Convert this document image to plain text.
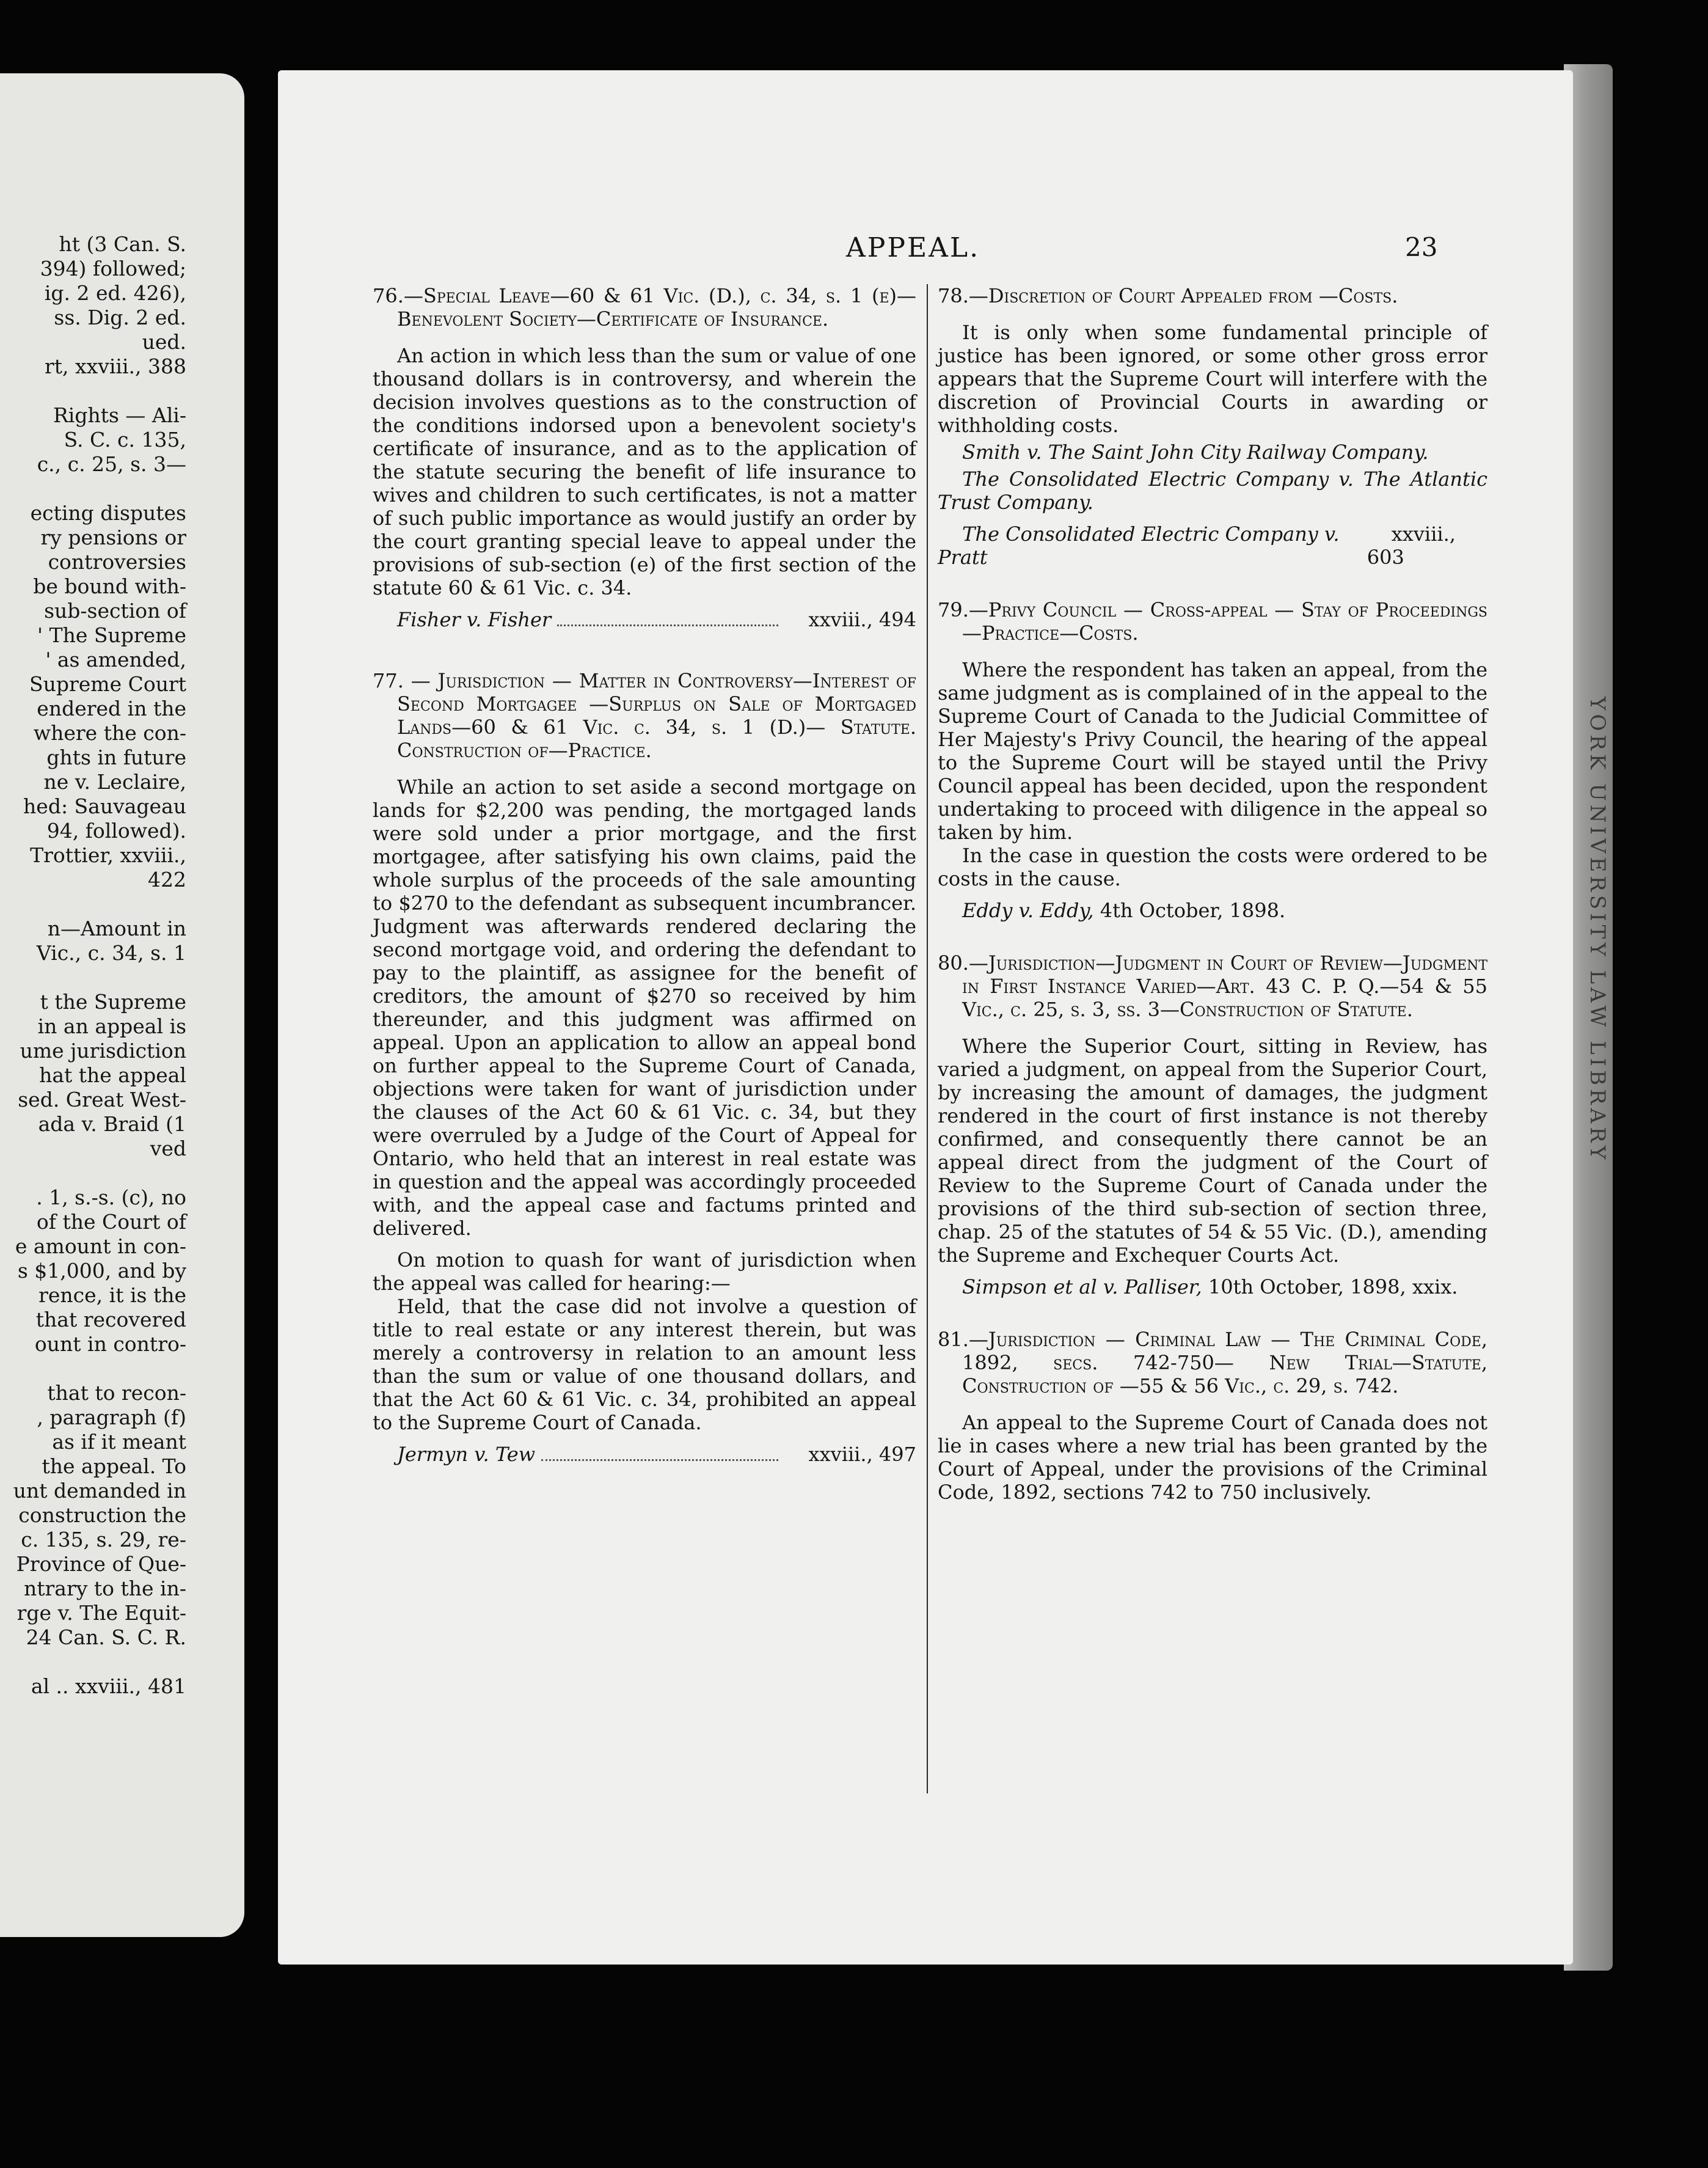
ht (3 Can. S.
394) followed;
ig. 2 ed. 426),
ss. Dig. 2 ed.
ued.
rt, xxviii., 388

Rights — Ali-
S. C. c. 135,
c., c. 25, s. 3—

ecting disputes
ry pensions or
controversies
be bound with-
sub-section of
' The Supreme
' as amended,
Supreme Court
endered in the
where the con-
ghts in future
ne v. Leclaire,
hed: Sauvageau
94, followed).
Trottier, xxviii.,
422

n—Amount in
Vic., c. 34, s. 1

t the Supreme
in an appeal is
ume jurisdiction
hat the appeal
sed. Great West-
ada v. Braid (1
ved

. 1, s.-s. (c), no
of the Court of
e amount in con-
s $1,000, and by
rence, it is the
that recovered
ount in contro-

that to recon-
, paragraph (f)
as if it meant
the appeal. To
unt demanded in
construction the
c. 135, s. 29, re-
Province of Que-
ntrary to the in-
rge v. The Equit-
24 Can. S. C. R.

al .. xxviii., 481
YORK UNIVERSITY LAW LIBRARY
APPEAL.	23
76.—Special Leave—60 & 61 Vic. (D.), c. 34, s. 1 (e)—Benevolent Society—Certificate of Insurance.

An action in which less than the sum or value of one thousand dollars is in controversy, and wherein the decision involves questions as to the construction of the conditions indorsed upon a benevolent society's certificate of insurance, and as to the application of the statute securing the benefit of life insurance to wives and children to such certificates, is not a matter of such public importance as would justify an order by the court granting special leave to appeal under the provisions of sub-section (e) of the first section of the statute 60 & 61 Vic. c. 34.

Fisher v. Fisher	xxviii., 494
77. — Jurisdiction — Matter in Controversy—Interest of Second Mortgagee —Surplus on Sale of Mortgaged Lands—60 & 61 Vic. c. 34, s. 1 (D.)— Statute. Construction of—Practice.

While an action to set aside a second mortgage on lands for $2,200 was pending, the mortgaged lands were sold under a prior mortgage, and the first mortgagee, after satisfying his own claims, paid the whole surplus of the proceeds of the sale amounting to $270 to the defendant as subsequent incumbrancer. Judgment was afterwards rendered declaring the second mortgage void, and ordering the defendant to pay to the plaintiff, as assignee for the benefit of creditors, the amount of $270 so received by him thereunder, and this judgment was affirmed on appeal. Upon an application to allow an appeal bond on further appeal to the Supreme Court of Canada, objections were taken for want of jurisdiction under the clauses of the Act 60 & 61 Vic. c. 34, but they were overruled by a Judge of the Court of Appeal for Ontario, who held that an interest in real estate was in question and the appeal was accordingly proceeded with, and the appeal case and factums printed and delivered.

On motion to quash for want of jurisdiction when the appeal was called for hearing:—

Held, that the case did not involve a question of title to real estate or any interest therein, but was merely a controversy in relation to an amount less than the sum or value of one thousand dollars, and that the Act 60 & 61 Vic. c. 34, prohibited an appeal to the Supreme Court of Canada.

Jermyn v. Tew	xxviii., 497
78.—Discretion of Court Appealed from —Costs.

It is only when some fundamental principle of justice has been ignored, or some other gross error appears that the Supreme Court will interfere with the discretion of Provincial Courts in awarding or withholding costs.

Smith v. The Saint John City Railway Company.

The Consolidated Electric Company v. The Atlantic Trust Company.

The Consolidated Electric Company v. Pratt
xxviii., 603
79.—Privy Council — Cross-appeal — Stay of Proceedings—Practice—Costs.

Where the respondent has taken an appeal, from the same judgment as is complained of in the appeal to the Supreme Court of Canada to the Judicial Committee of Her Majesty's Privy Council, the hearing of the appeal to the Supreme Court will be stayed until the Privy Council appeal has been decided, upon the respondent undertaking to proceed with diligence in the appeal so taken by him.

In the case in question the costs were ordered to be costs in the cause.

Eddy v. Eddy, 4th October, 1898.
80.—Jurisdiction—Judgment in Court of Review—Judgment in First Instance Varied—Art. 43 C. P. Q.—54 & 55 Vic., c. 25, s. 3, ss. 3—Construction of Statute.

Where the Superior Court, sitting in Review, has varied a judgment, on appeal from the Superior Court, by increasing the amount of damages, the judgment rendered in the court of first instance is not thereby confirmed, and consequently there cannot be an appeal direct from the judgment of the Court of Review to the Supreme Court of Canada under the provisions of the third sub-section of section three, chap. 25 of the statutes of 54 & 55 Vic. (D.), amending the Supreme and Exchequer Courts Act.

Simpson et al v. Palliser, 10th October, 1898, xxix.
81.—Jurisdiction — Criminal Law — The Criminal Code, 1892, secs. 742-750— New Trial—Statute, Construction of —55 & 56 Vic., c. 29, s. 742.

An appeal to the Supreme Court of Canada does not lie in cases where a new trial has been granted by the Court of Appeal, under the provisions of the Criminal Code, 1892, sections 742 to 750 inclusively.
